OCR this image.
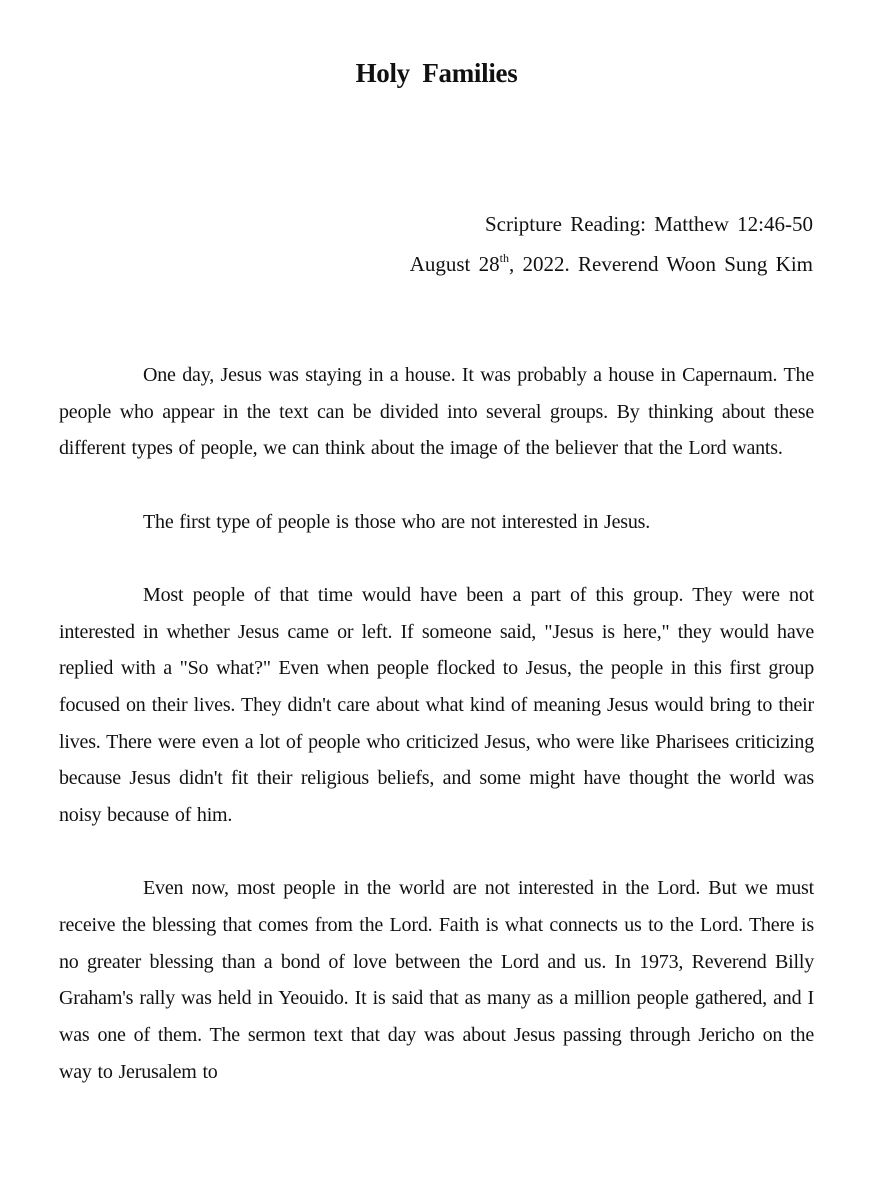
Holy Families
Scripture Reading: Matthew 12:46-50
August 28th, 2022. Reverend Woon Sung Kim

One day, Jesus was staying in a house. It was probably a house in Capernaum. The people who appear in the text can be divided into several groups. By thinking about these different types of people, we can think about the image of the believer that the Lord wants.

The first type of people is those who are not interested in Jesus.

Most people of that time would have been a part of this group. They were not interested in whether Jesus came or left. If someone said, "Jesus is here," they would have replied with a "So what?" Even when people flocked to Jesus, the people in this first group focused on their lives. They didn't care about what kind of meaning Jesus would bring to their lives. There were even a lot of people who criticized Jesus, who were like Pharisees criticizing because Jesus didn't fit their religious beliefs, and some might have thought the world was noisy because of him.

Even now, most people in the world are not interested in the Lord. But we must receive the blessing that comes from the Lord. Faith is what connects us to the Lord. There is no greater blessing than a bond of love between the Lord and us. In 1973, Reverend Billy Graham's rally was held in Yeouido. It is said that as many as a million people gathered, and I was one of them. The sermon text that day was about Jesus passing through Jericho on the way to Jerusalem to
